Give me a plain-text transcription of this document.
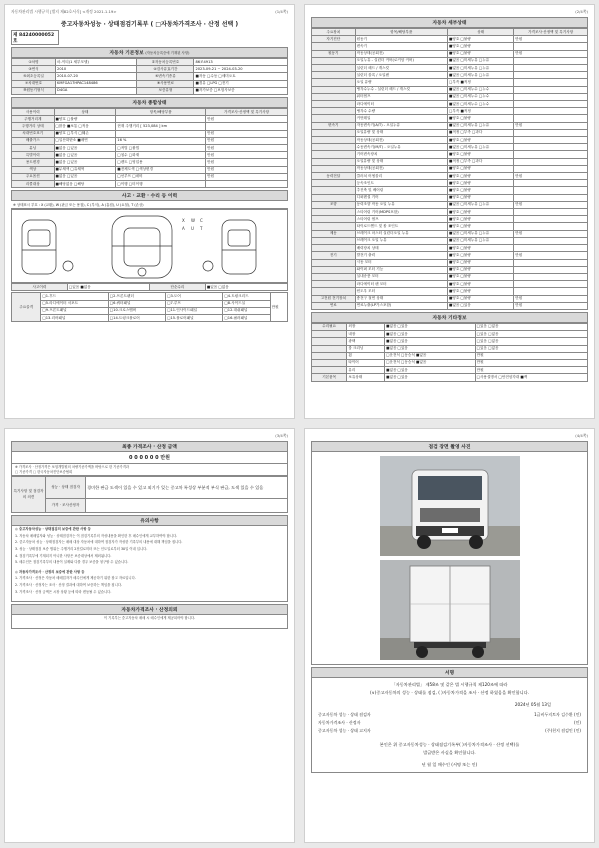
자동차관리법 시행규칙 [별지 제82호서식] <개정 2021.1.19>	(1/4쪽)
중고자동차성능 · 상태점검기록부 ( □자동차가격조사 · 산정 선택 )
제 84240000052 호
자동차 기본정보 (자동차등록증에 기재된 사항)
①차명	마-이티(1 세부모델)	②자동차등록번호	86조4913
③연식	2010	④검사유효기간	2023-09-21 ~ 2024-03-20
⑤최초등록일	2010-07-20	⑥변속기종류	■자동 □수동 □세미오토
⑦차대번호	KMFGA17HPAC148486	⑧사용연료	■경유 □LPG □전기
⑨원동기형식	D4GA	보증유형	■자가보증 □보험사보증
자동차 종합상태
사용이력	상태	항목/해당부품	가격조사·산정액 및 특기사항
주행거리계	■양호 □불량		만원
주행거리 상태	□많음 ■보통 □적음	현재 주행거리 [ 523,084 ] km	
차대번호표기	■양호 □부식 □훼손		만원
배출가스	□일산화탄소 ■매연	16 %	만원
튜닝	■없음 □있음	□적법 □불법	만원
특별이력	■없음 □있음	□침수 □화재	만원
용도변경	■없음 □있음	□렌트 □영업용	만원
색상	■무채색 □유채색	■전체도색 □색상변경	만원
주요옵션	■없음 □있음	□선루프 □네비	만원
리콜대상	■해당없음 □해당	□이행 □미이행	
사고 · 교환 · 수리 등 이력
※ 상태표시 부호 : X (교환), W (판금 또는 용접), C (부식), A (흠집), U (요철), T (손상)
X W C
A U T
사고이력	□있음 ■없음	단순수리	■있음 □없음
주요골격	□1.후드	□2.프론트펜더	□3.도어	□4.트렁크리드	만원
	□5.라디에이터 서포트	□6.쿼터패널	□7.루프	□8.사이드실	
	□9.프론트패널	□10.크로스멤버	□11.인사이드패널	□12.대쉬패널	
	□13.리어패널	□14.트렁크플로어	□15.플로어패널	□16.필러패널	
(2/4쪽)
자동차 세부상태
주요장치	항목/해당부품	상태	가격조사·산정액 및 특기사항
자기진단	원동기	■양호 □불량	만원
	변속기	■양호 □불량	
원동기	작동상태(공회전)	■양호 □불량	만원
	오일누유 - 실린더 커버(로커암 커버)	■없음 □미세누유 □누유	
	실린더 헤드 / 개스킷	■없음 □미세누유 □누유	
	실린더 블록 / 오일팬	■없음 □미세누유 □누유	
	오일 유량	□부족 ■적정	
	냉각수누수 - 실린더 헤드 / 개스킷	■없음 □미세누수 □누수	
	워터펌프	■없음 □미세누수 □누수	
	라디에이터	■없음 □미세누수 □누수	
	냉각수 수량	□부족 ■적정	
	커먼레일	■양호 □불량	
변속기	자동변속기(A/T) - 오일누유	■없음 □미세누유 □누유	만원
	오일유량 및 상태	■적정 □부족 □과다	
	작동상태(공회전)	■양호 □불량	
	수동변속기(M/T) - 오일누유	■없음 □미세누유 □누유	
	기어변속장치	■양호 □불량	
	오일유량 및 상태	■적정 □부족 □과다	
	작동상태(공회전)	■양호 □불량	
동력전달	클러치 어셈블리	■양호 □불량	만원
	등속조인트	■양호 □불량	
	추진축 및 베어링	■양호 □불량	
	디퍼렌셜 기어	■양호 □불량	
조향	동력조향 작동 오일 누유	■없음 □미세누유 □누유	만원
	스티어링 기어(MDPS포함)	■양호 □불량	
	스티어링 펌프	■양호 □불량	
	타이로드엔드 및 볼 조인트	■양호 □불량	
제동	브레이크 마스터 실린더오일 누유	■없음 □미세누유 □누유	만원
	브레이크 오일 누유	■없음 □미세누유 □누유	
	배력장치 상태	■양호 □불량	
전기	발전기 출력	■양호 □불량	만원
	시동 모터	■양호 □불량	
	와이퍼 모터 기능	■양호 □불량	
	실내송풍 모터	■양호 □불량	
	라디에이터 팬 모터	■양호 □불량	
	윈도우 모터	■양호 □불량	
고전원 전기장치	충전구 절연 상태	■양호 □불량	만원
연료	연료누출(LP가스포함)	■없음 □있음	만원
자동차 기타정보
수리필요	외장	■없음 □있음	□있음 □없음
	내장	■없음 □있음	□있음 □없음
	광택	■없음 □있음	□있음 □없음
	룸 크리닝	■없음 □있음	□있음 □없음
	휠	□운전석 □동승석 ■없음	만원
	타이어	□운전석 □동승석 ■없음	만원
	유리	■없음 □있음	만원
기본품목	보유상태	■없음 □있음	□사용설명서 □안전삼각대 ■잭
(3/4쪽)
최종 가격조사 · 산정 금액
0 0 0 0 0 0 만원
※ 가격조사 · 산정가격은 보험개발원의 차량기준가액을 바탕으로 한 기준가격과
□ 기준가격 □ 한국자동차진단보증협회
특기사항 및 점검자의 의견	성능 · 상태 점검자	경미한 판금 도색이 있을 수 있고 외기가 잊는 중고차 특성상 부분적 부식 판금, 도색 있을 수 있음
	가격 · 조사산정자	
유의사항
◎ 중고자동차성능 · 상태점검의 보증에 관한 사항 등
1. 자동차 매매업자와 성능 · 상태점검자는 이 점검기록부의 작성내용을 확인한 후 매수인에게 교부하여야 합니다.
2. 중고자동차 성능 · 상태점검자는 매매 대상 자동차에 대하여 점검자가 작성한 기록부의 내용에 대해 책임을 집니다.
3. 성능 · 상태점검 보증 범위는 주행거리 2천킬로미터 또는 인도일로부터 30일 이내 입니다.
4. 점검기록부에 기재되지 아니한 사항은 보증대상에서 제외됩니다.
5. 매수인은 점검기록부의 내용이 실제와 다를 경우 보증을 청구할 수 있습니다.
◎ 자동차가격조사 · 산정의 보증에 관한 사항 등
1. 가격조사 · 산정은 자동차 매매업자가 매수인에게 제공하기 위한 참고 자료입니다.
2. 가격조사 · 산정자는 조사 · 산정 결과에 대하여 보증하는 책임을 집니다.
3. 가격조사 · 산정 금액은 시장 상황 등에 따라 변동될 수 있습니다.
자동차가격조사 · 산정의뢰
이 기록부는 중고자동차 매매 시 매수인에게 제공되어야 합니다.
(4/4쪽)
점검 장면 촬영 사진
서명
「자동차관리법」 제58조 및 같은 법 시행규칙 제120조에 따라
(∨)중고자동차의 성능 · 상태를 점검, ( )자동차가격을 조사 · 산정 하였음을 확인합니다.
2024년 05월 13일
중고자동차 성능 · 상태 점검자	1급비두지토자 김수환 (인)
자동차가격조사 · 산정자	(인)
중고자동차 성능 · 상태 고지자	(주)천지 점검인 (인)
본인은 위 중고자동차성능 · 상태점검기록부( )자동차가격조사 · 산정 선택)를
발급받은 사실을 확인합니다.
년 월 일 매수인 (서명 또는 인)
